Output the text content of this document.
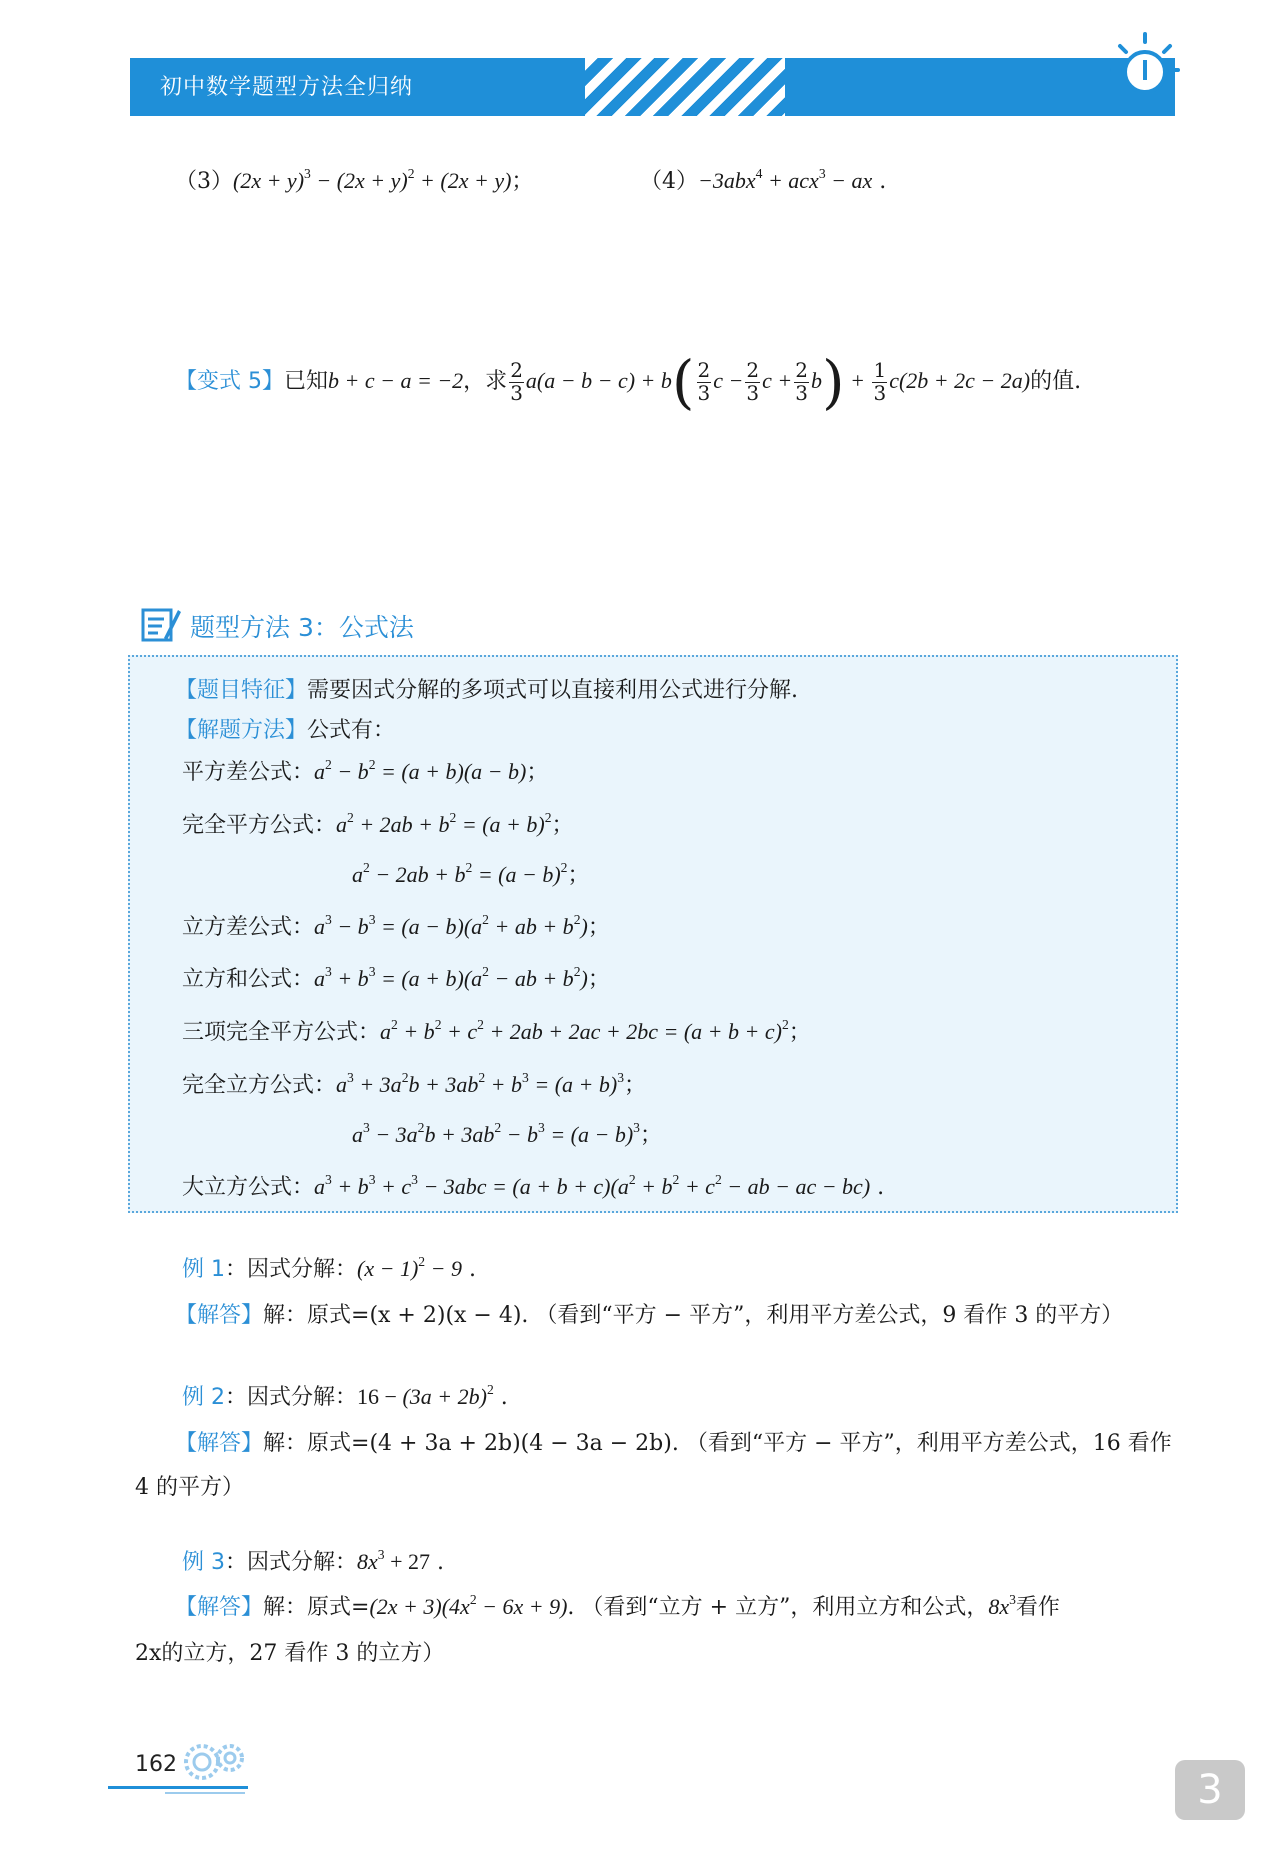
初中数学题型方法全归纳
$(3)(2x + y)^3 - (2x + y)^2 + (2x + y)$；	（4）−3abx$^4$ + acx$^3$ − ax .
【变式 5】已知b + c − a = −2，求 $\frac{2}{3} a(a - b - c) + b( \frac{2}{3}$ $c - \frac{2}{3}$ $c + \frac{2}{3} b) + \frac{1}{3} c(2b + 2c - 2a)$的值.
题型方法 3：公式法
【题目特征】需要因式分解的多项式可以直接利用公式进行分解.
【解题方法】公式有：
平方差公式：$a^2 - b^2 = (a + b)(a - b)$；
完全平方公式：$a^2 + 2ab + b^2 = (a + b)^2$；
$a^2 - 2ab + b^2 = (a - b)^2$；
立方差公式：$a^3 - b^3 = (a - b)(a^2$ + ab + $b^2$)；
立方和公式：$a^3 + b^3 = (a + b)(a^2$ − ab + $b^2$)；
三项完全平方公式：$a^2 + b^2 + c^2 + 2ab + 2ac + 2bc = (a + b + c)^2$；
完全立方公式：$a^3 + 3a^2b + 3ab^2 + b^3 = (a + b)^3$；
$a^3 - 3a^2b + 3ab^2 - b^3 = (a - b)^3$；
大立方公式：$a^3 + b^3 + c^3 - 3abc = (a + b + c)(a^2 + b^2 + c^2$ − ab − ac − bc) .
例 1：因式分解：$(x - 1)^2 - 9$ .
【解答】解：原式=(x + 2)(x − 4). （看到“平方 − 平方”，利用平方差公式，9 看作 3 的平方）
例 2：因式分解：$16 - (3a + 2b)^2$ .
【解答】解：原式=(4 + 3a + 2b)(4 − 3a − 2b). （看到“平方 − 平方”，利用平方差公式，16 看作
4 的平方）
例 3：因式分解：$8x^3 + 27$ .
【解答】解：原式$=(2x + 3)(4x^2 - 6x + 9)$. （看到“立方 + 立方”，利用立方和公式，$8x^3$看作
2x的立方，27 看作 3 的立方）
162
3
